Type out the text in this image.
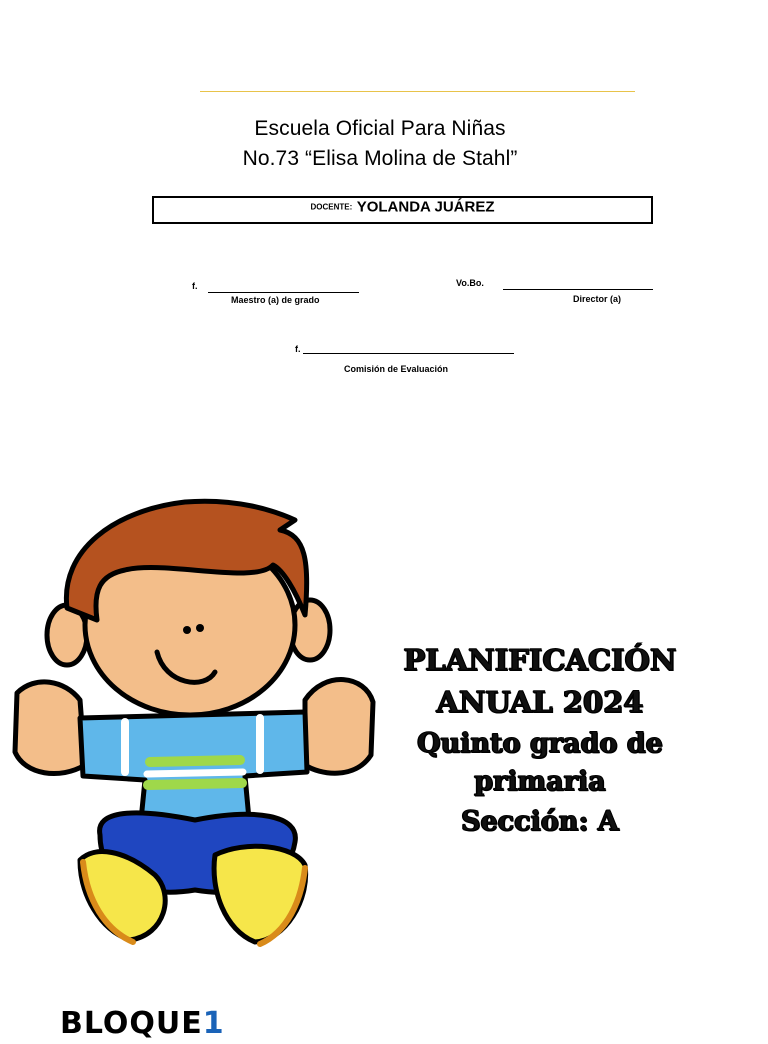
Escuela Oficial Para Niñas
No.73 “Elisa Molina de Stahl”
DOCENTE: YOLANDA JUÁREZ
f.
Maestro (a) de grado
Vo.Bo.
Director (a)
f.
Comisión de Evaluación
PLANIFICACIÓN
ANUAL 2024
Quinto grado de
primaria
Sección: A
BLOQUE1
